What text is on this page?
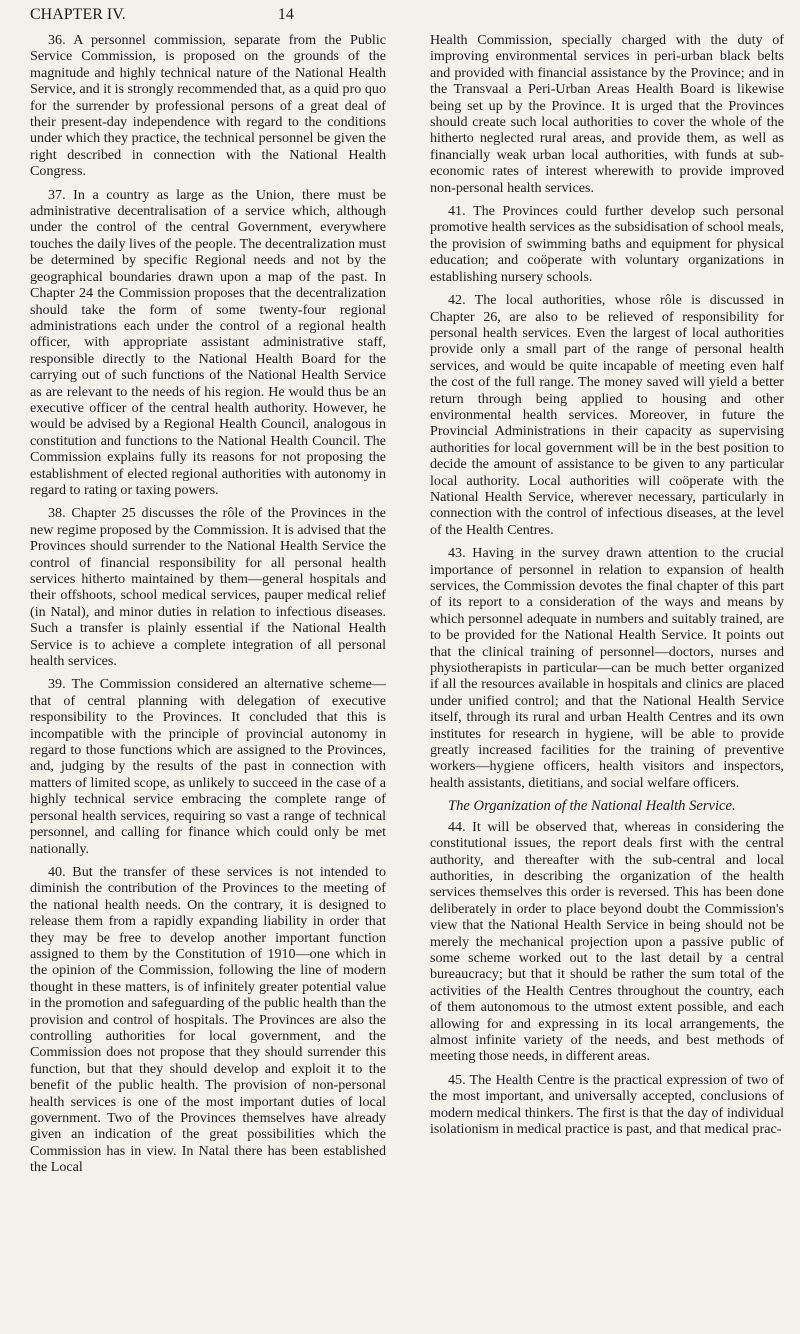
CHAPTER IV.	14

36. A personnel commission, separate from the Public Service Commission, is proposed on the grounds of the magnitude and highly technical nature of the National Health Service, and it is strongly recommended that, as a quid pro quo for the surrender by professional persons of a great deal of their present-day independence with regard to the conditions under which they practice, the technical personnel be given the right described in connection with the National Health Congress.

37. In a country as large as the Union, there must be administrative decentralisation of a service which, although under the control of the central Government, everywhere touches the daily lives of the people. The decentralization must be determined by specific Regional needs and not by the geographical boundaries drawn upon a map of the past. In Chapter 24 the Commission proposes that the decentralization should take the form of some twenty-four regional administrations each under the control of a regional health officer, with appropriate assistant administrative staff, responsible directly to the National Health Board for the carrying out of such functions of the National Health Service as are relevant to the needs of his region. He would thus be an executive officer of the central health authority. However, he would be advised by a Regional Health Council, analogous in constitution and functions to the National Health Council. The Commission explains fully its reasons for not proposing the establishment of elected regional authorities with autonomy in regard to rating or taxing powers.

38. Chapter 25 discusses the rôle of the Provinces in the new regime proposed by the Commission. It is advised that the Provinces should surrender to the National Health Service the control of financial responsibility for all personal health services hitherto maintained by them—general hospitals and their offshoots, school medical services, pauper medical relief (in Natal), and minor duties in relation to infectious diseases. Such a transfer is plainly essential if the National Health Service is to achieve a complete integration of all personal health services.

39. The Commission considered an alternative scheme—that of central planning with delegation of executive responsibility to the Provinces. It concluded that this is incompatible with the principle of provincial autonomy in regard to those functions which are assigned to the Provinces, and, judging by the results of the past in connection with matters of limited scope, as unlikely to succeed in the case of a highly technical service embracing the complete range of personal health services, requiring so vast a range of technical personnel, and calling for finance which could only be met nationally.

40. But the transfer of these services is not intended to diminish the contribution of the Provinces to the meeting of the national health needs. On the contrary, it is designed to release them from a rapidly expanding liability in order that they may be free to develop another important function assigned to them by the Constitution of 1910—one which in the opinion of the Commission, following the line of modern thought in these matters, is of infinitely greater potential value in the promotion and safeguarding of the public health than the provision and control of hospitals. The Provinces are also the controlling authorities for local government, and the Commission does not propose that they should surrender this function, but that they should develop and exploit it to the benefit of the public health. The provision of non-personal health services is one of the most important duties of local government. Two of the Provinces themselves have already given an indication of the great possibilities which the Commission has in view. In Natal there has been established the Local

Health Commission, specially charged with the duty of improving environmental services in peri-urban black belts and provided with financial assistance by the Province; and in the Transvaal a Peri-Urban Areas Health Board is likewise being set up by the Province. It is urged that the Provinces should create such local authorities to cover the whole of the hitherto neglected rural areas, and provide them, as well as financially weak urban local authorities, with funds at sub-economic rates of interest wherewith to provide improved non-personal health services.

41. The Provinces could further develop such personal promotive health services as the subsidisation of school meals, the provision of swimming baths and equipment for physical education; and coöperate with voluntary organizations in establishing nursery schools.

42. The local authorities, whose rôle is discussed in Chapter 26, are also to be relieved of responsibility for personal health services. Even the largest of local authorities provide only a small part of the range of personal health services, and would be quite incapable of meeting even half the cost of the full range. The money saved will yield a better return through being applied to housing and other environmental health services. Moreover, in future the Provincial Administrations in their capacity as supervising authorities for local government will be in the best position to decide the amount of assistance to be given to any particular local authority. Local authorities will coöperate with the National Health Service, wherever necessary, particularly in connection with the control of infectious diseases, at the level of the Health Centres.

43. Having in the survey drawn attention to the crucial importance of personnel in relation to expansion of health services, the Commission devotes the final chapter of this part of its report to a consideration of the ways and means by which personnel adequate in numbers and suitably trained, are to be provided for the National Health Service. It points out that the clinical training of personnel—doctors, nurses and physiotherapists in particular—can be much better organized if all the resources available in hospitals and clinics are placed under unified control; and that the National Health Service itself, through its rural and urban Health Centres and its own institutes for research in hygiene, will be able to provide greatly increased facilities for the training of preventive workers—hygiene officers, health visitors and inspectors, health assistants, dietitians, and social welfare officers.

The Organization of the National Health Service.

44. It will be observed that, whereas in considering the constitutional issues, the report deals first with the central authority, and thereafter with the sub-central and local authorities, in describing the organization of the health services themselves this order is reversed. This has been done deliberately in order to place beyond doubt the Commission's view that the National Health Service in being should not be merely the mechanical projection upon a passive public of some scheme worked out to the last detail by a central bureaucracy; but that it should be rather the sum total of the activities of the Health Centres throughout the country, each of them autonomous to the utmost extent possible, and each allowing for and expressing in its local arrangements, the almost infinite variety of the needs, and best methods of meeting those needs, in different areas.

45. The Health Centre is the practical expression of two of the most important, and universally accepted, conclusions of modern medical thinkers. The first is that the day of individual isolationism in medical practice is past, and that medical prac-
